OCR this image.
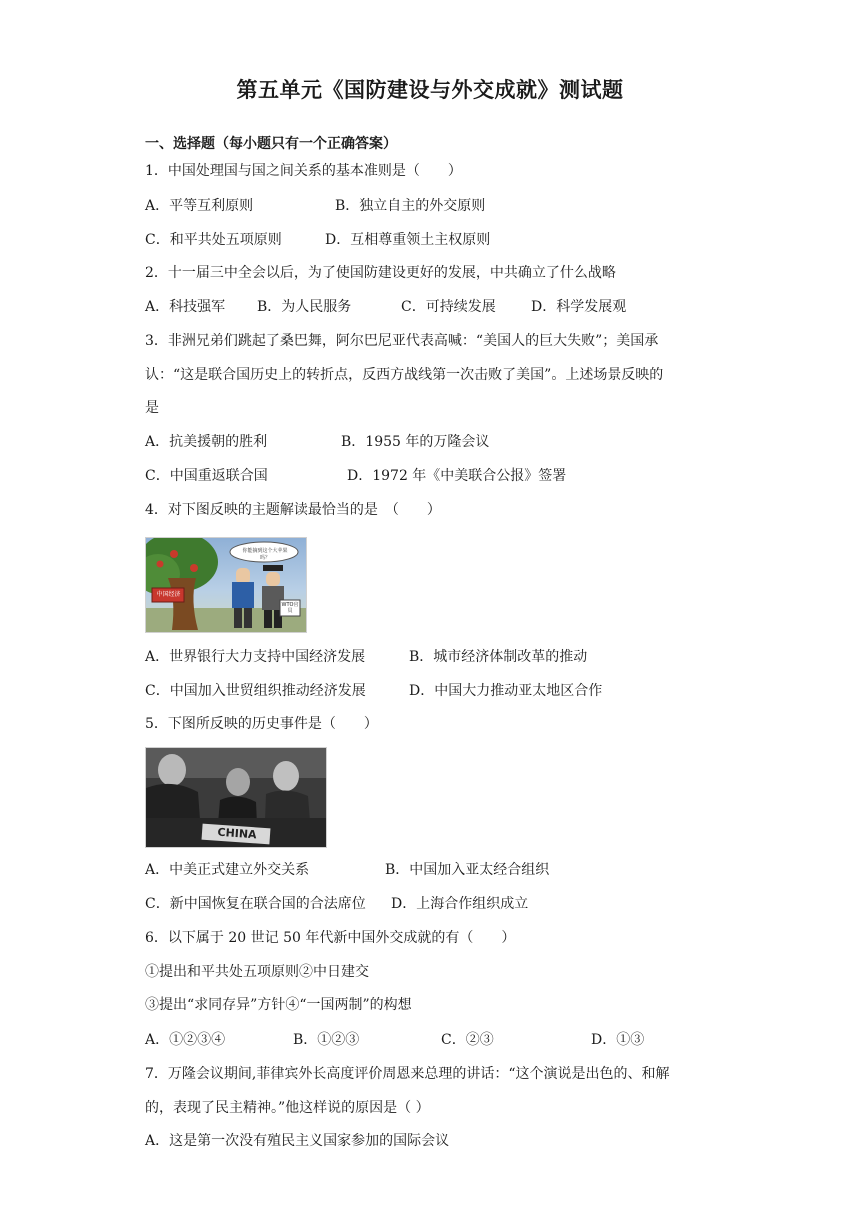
第五单元《国防建设与外交成就》测试题
一、选择题（每小题只有一个正确答案）
1．中国处理国与国之间关系的基本准则是（　　）
A．平等互利原则	B．独立自主的外交原则
C．和平共处五项原则	D．互相尊重领土主权原则
2．十一届三中全会以后，为了使国防建设更好的发展，中共确立了什么战略
A．科技强军 B．为人民服务	C．可持续发展	D．科学发展观
3．非洲兄弟们跳起了桑巴舞，阿尔巴尼亚代表高喊：“美国人的巨大失败”；美国承
认：“这是联合国历史上的转折点，反西方战线第一次击败了美国”。上述场景反映的
是
A．抗美援朝的胜利	B．1955 年的万隆会议
C．中国重返联合国	D．1972 年《中美联合公报》签署
4．对下图反映的主题解读最恰当的是　（　　）
中国经济
你能摘到这个大苹果吗？
WTO官员
A．世界银行大力支持中国经济发展	B．城市经济体制改革的推动
C．中国加入世贸组织推动经济发展	D．中国大力推动亚太地区合作
5．下图所反映的历史事件是（　　）
CHINA
A．中美正式建立外交关系	B．中国加入亚太经合组织
C．新中国恢复在联合国的合法席位 D．上海合作组织成立
6．以下属于 20 世记 50 年代新中国外交成就的有（　　）
①提出和平共处五项原则②中日建交
③提出“求同存异”方针④“一国两制”的构想
A．①②③④	B．①②③	C．②③	D．①③
7．万隆会议期间,菲律宾外长高度评价周恩来总理的讲话：“这个演说是出色的、和解
的，表现了民主精神。”他这样说的原因是（ ）
A．这是第一次没有殖民主义国家参加的国际会议
